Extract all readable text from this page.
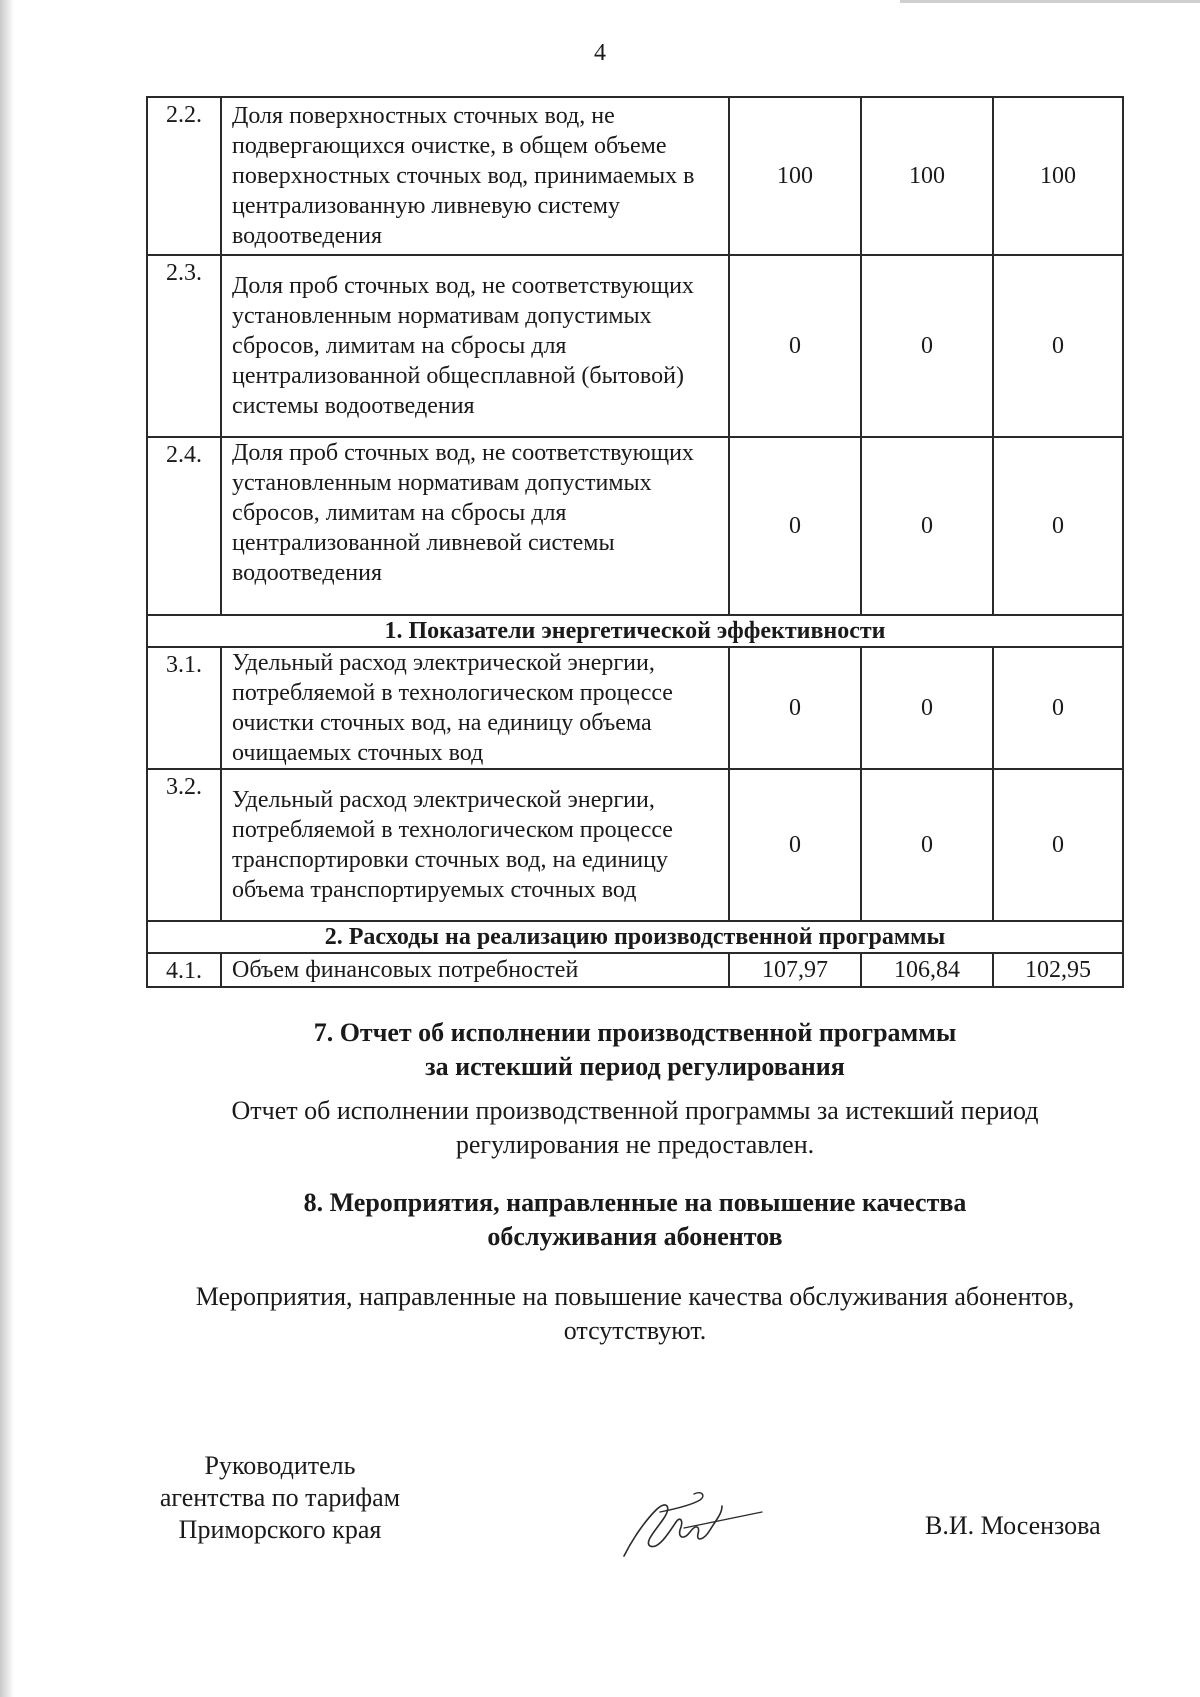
4
2.2.	Доля поверхностных сточных вод, не подвергающихся очистке, в общем объеме поверхностных сточных вод, принимаемых в централизованную ливневую систему водоотведения	100	100	100
2.3.	Доля проб сточных вод, не соответствующих установленным нормативам допустимых сбросов, лимитам на сбросы для централизованной общесплавной (бытовой) системы водоотведения	0	0	0
2.4.	Доля проб сточных вод, не соответствующих установленным нормативам допустимых сбросов, лимитам на сбросы для централизованной ливневой системы водоотведения	0	0	0
1. Показатели энергетической эффективности				
3.1.	Удельный расход электрической энергии, потребляемой в технологическом процессе очистки сточных вод, на единицу объема очищаемых сточных вод	0	0	0
3.2.	Удельный расход электрической энергии, потребляемой в технологическом процессе транспортировки сточных вод, на единицу объема транспортируемых сточных вод	0	0	0
2. Расходы на реализацию производственной программы				
4.1.	Объем финансовых потребностей	107,97	106,84	102,95
7. Отчет об исполнении производственной программы
за истекший период регулирования
Отчет об исполнении производственной программы за истекший период
регулирования не предоставлен.
8. Мероприятия, направленные на повышение качества
обслуживания абонентов
Мероприятия, направленные на повышение качества обслуживания абонентов,
отсутствуют.
Руководитель
агентства по тарифам
Приморского края	В.И. Мосензова
